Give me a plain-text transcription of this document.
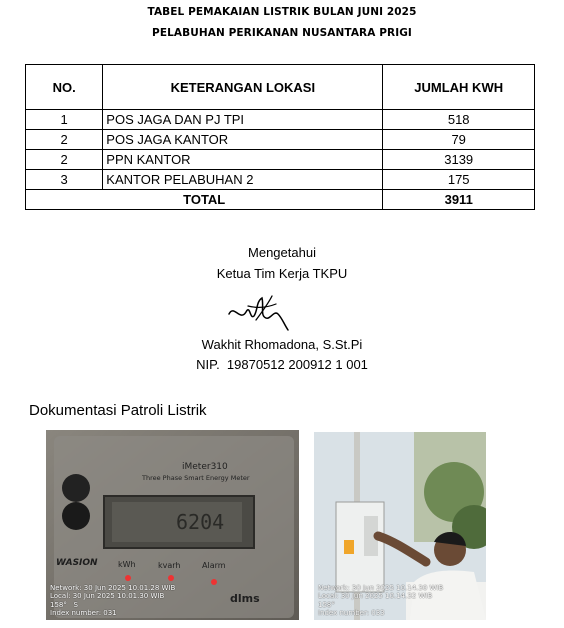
TABEL PEMAKAIAN LISTRIK BULAN JUNI 2025
PELABUHAN PERIKANAN NUSANTARA PRIGI
NO.	KETERANGAN LOKASI	JUMLAH KWH
1	POS JAGA DAN PJ TPI	518
2	POS JAGA KANTOR	79
2	PPN KANTOR	3139
3	KANTOR PELABUHAN 2	175
TOTAL		3911
Mengetahui
Ketua Tim Kerja TKPU
Wakhit Rhomadona, S.St.Pi
NIP.  19870512 200912 1 001
Dokumentasi Patroli Listrik
iMeter310
Three Phase Smart Energy Meter
6204
WASION	kWh	kvarh	Alarm
dlms
Network: 30 Jun 2025 10.01.28 WIB
Local: 30 Jun 2025 10.01.30 WIB
158°   S
Index number: 031
Network: 30 Jun 2025 10.14.30 WIB
Local: 30 Jun 2025 10.14.32 WIB
158°
Index number: 033
